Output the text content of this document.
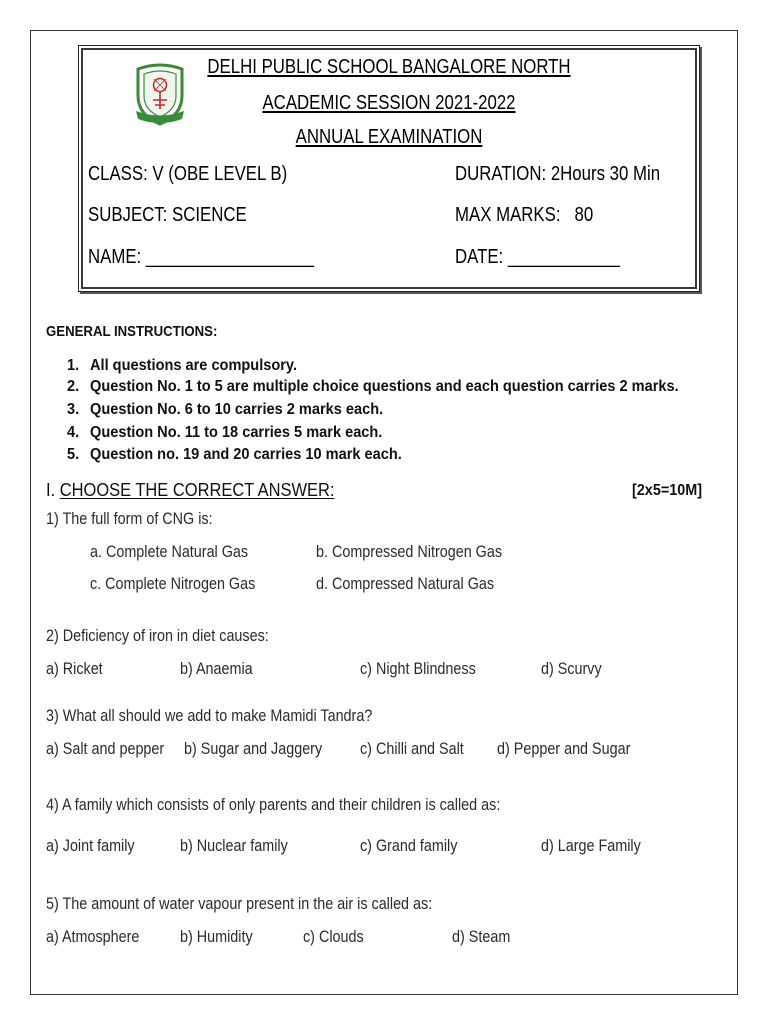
DELHI PUBLIC SCHOOL BANGALORE NORTH
ACADEMIC SESSION 2021-2022
ANNUAL EXAMINATION
CLASS: V (OBE LEVEL B)	DURATION: 2Hours 30 Min
SUBJECT: SCIENCE	MAX MARKS:   80
NAME: __________________	DATE: ____________
GENERAL INSTRUCTIONS:
1. All questions are compulsory.
2. Question No. 1 to 5 are multiple choice questions and each question carries 2 marks.
3. Question No. 6 to 10 carries 2 marks each.
4. Question No. 11 to 18 carries 5 mark each.
5. Question no. 19 and 20 carries 10 mark each.
I. CHOOSE THE CORRECT ANSWER:	[2x5=10M]
1) The full form of CNG is:
a. Complete Natural Gas	b. Compressed Nitrogen Gas
c. Complete Nitrogen Gas	d. Compressed Natural Gas
2) Deficiency of iron in diet causes:
a) Ricket	b) Anaemia	c) Night Blindness	d) Scurvy
3) What all should we add to make Mamidi Tandra?
a) Salt and pepper b) Sugar and Jaggery c) Chilli and Salt d) Pepper and Sugar
4) A family which consists of only parents and their children is called as:
a) Joint family	b) Nuclear family	c) Grand family	d) Large Family
5) The amount of water vapour present in the air is called as:
a) Atmosphere b) Humidity	c) Clouds	d) Steam
